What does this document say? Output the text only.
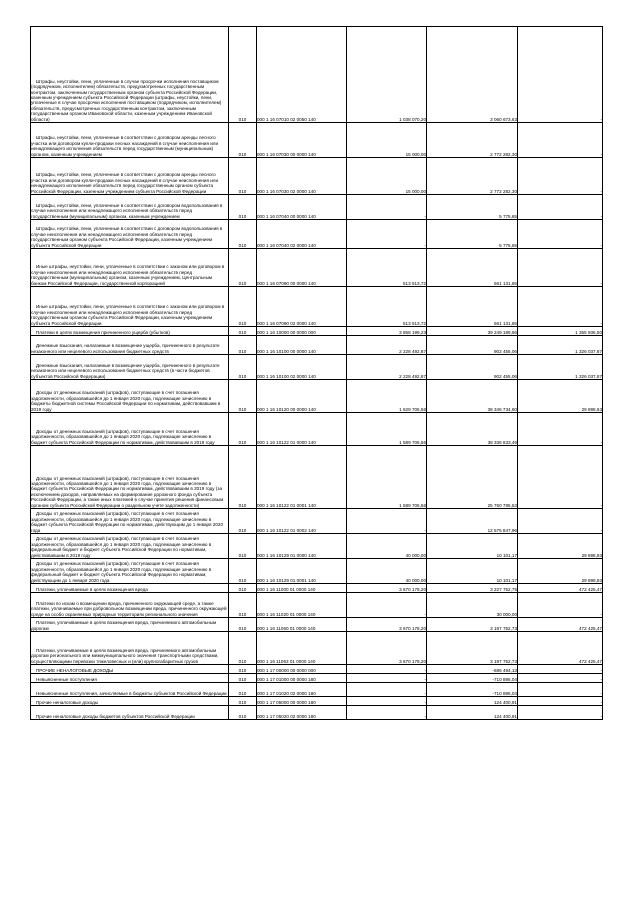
Штрафы, неустойки, пени, уплаченные в случае просрочки исполнения поставщиком (подрядчиком, исполнителем) обязательств, предусмотренных государственным контрактом, заключенным государственным органом субъекта Российской Федерации, казенным учреждением субъекта Российской Федерации (штрафы, неустойки, пени, уплаченные в случае просрочки исполнения поставщиком (подрядчиком, исполнителем) обязательств, предусмотренных государственным контрактом, заключенным государственным органом Ивановской области, казенным учреждением Ивановской области)	010	000 1 16 07010 02 0050 140	1 038 070,20	3 060 673,63	-

Штрафы, неустойки, пени, уплаченные в соответствии с договором аренды лесного участка или договором купли-продажи лесных насаждений в случае неисполнения или ненадлежащего исполнения обязательств перед государственным (муниципальным) органом, казенным учреждением	010	000 1 16 07030 00 0000 140	15 000,00	2 772 282,30	-

Штрафы, неустойки, пени, уплаченные в соответствии с договором аренды лесного участка или договором купли-продажи лесных насаждений в случае неисполнения или ненадлежащего исполнения обязательств перед государственным органом субъекта Российской Федерации, казенным учреждением субъекта Российской Федерации	010	000 1 16 07030 02 0000 140	15 000,00	2 772 282,30	-

Штрафы, неустойки, пени, уплаченные в соответствии с договором водопользования в случае неисполнения или ненадлежащего исполнения обязательств перед государственным (муниципальным) органом, казенным учреждением	010	000 1 16 07040 00 0000 140	-	5 775,65	-

Штрафы, неустойки, пени, уплаченные в соответствии с договором водопользования в случае неисполнения или ненадлежащего исполнения обязательств перед государственным органом субъекта Российской Федерации, казенным учреждением субъекта Российской Федерации	010	000 1 16 07040 02 0000 140	-	5 775,65	-

Иные штрафы, неустойки, пени, уплаченные в соответствии с законом или договором в случае неисполнения или ненадлежащего исполнения обязательств перед государственным (муниципальным) органом, казенным учреждением, Центральным банком Российской Федерации, государственной корпорацией	010	000 1 16 07090 00 0000 140	513 513,72	561 131,65	-

Иные штрафы, неустойки, пени, уплаченные в соответствии с законом или договором в случае неисполнения или ненадлежащего исполнения обязательств перед государственным органом субъекта Российской Федерации, казенным учреждением субъекта Российской Федерации	010	000 1 16 07090 02 0000 140	513 513,72	561 131,65	-

Платежи в целях возмещения причиненного ущерба (убытков)	010	000 1 16 10000 00 0000 000	3 858 199,23	39 249 189,66	1 355 936,50

Денежные взыскания, налагаемые в возмещение ущерба, причиненного в результате незаконного или нецелевого использования бюджетных средств	010	000 1 16 10100 00 0000 140	2 228 492,87	902 455,06	1 326 037,87

Денежные взыскания, налагаемые в возмещение ущерба, причиненного в результате незаконного или нецелевого использования бюджетных средств (в части бюджетов субъектов Российской Федерации)	010	000 1 16 10100 02 0000 140	2 228 492,87	902 455,06	1 326 037,87

Доходы от денежных взысканий (штрафов), поступающие в счет погашения задолженности, образовавшейся до 1 января 2020 года, подлежащие зачислению в бюджеты бюджетной системы Российской Федерации по нормативам, действовавшим в 2019 году	010	000 1 16 10120 00 0000 140	1 629 706,56	38 346 734,60	29 898,63

Доходы от денежных взысканий (штрафов), поступающие в счет погашения задолженности, образовавшейся до 1 января 2020 года, подлежащие зачислению в бюджет субъекта Российской Федерации по нормативам, действовавшим в 2019 году	010	000 1 16 10122 01 0000 140	1 589 706,56	38 336 633,49	-

Доходы от денежных взысканий (штрафов), поступающие в счет погашения задолженности, образовавшейся до 1 января 2020 года, подлежащие зачислению в бюджет субъекта Российской Федерации по нормативам, действовавшим в 2019 году (за исключением доходов, направляемых на формирование дорожного фонда субъекта Российской Федерации, а также иных платежей в случае принятия решения финансовым органом субъекта Российской Федерации о раздельном учете задолженности)	010	000 1 16 10122 01 0001 140	1 589 706,56	25 760 785,53	-

Доходы от денежных взысканий (штрафов), поступающие в счет погашения задолженности, образовавшейся до 1 января 2020 года, подлежащие зачислению в бюджет субъекта Российской Федерации по нормативам, действующим до 1 января 2020 года	010	000 1 16 10122 01 0002 140	-	12 575 847,96	-

Доходы от денежных взысканий (штрафов), поступающие в счет погашения задолженности, образовавшейся до 1 января 2020 года, подлежащие зачислению в федеральный бюджет и бюджет субъекта Российской Федерации по нормативам, действовавшим в 2019 году	010	000 1 16 10129 01 0000 140	40 000,00	10 101,17	29 898,83

Доходы от денежных взысканий (штрафов), поступающие в счет погашения задолженности, образовавшейся до 1 января 2020 года, подлежащие зачислению в федеральный бюджет и бюджет субъекта Российской Федерации по нормативам, действующим до 1 января 2020 года	010	000 1 16 10129 01 0001 140	40 000,00	10 101,17	29 898,83

Платежи, уплачиваемые в целях возмещения вреда	010	000 1 16 11000 01 0000 140	3 670 178,20	3 227 752,75	472 425,47

Платежи по искам о возмещении вреда, причиненного окружающей среде, а также платежи, уплачиваемые при добровольном возмещении вреда, причиненного окружающей среде на особо охраняемых природных территориях регионального значения	010	000 1 16 11020 01 0000 140	-	30 000,00	-

Платежи, уплачиваемые в целях возмещения вреда, причиняемого автомобильным дорогам	010	000 1 16 11060 01 0000 140	3 670 178,20	3 197 752,73	472 425,47

Платежи, уплачиваемые в целях возмещения вреда, причиняемого автомобильным дорогам регионального или межмуниципального значения транспортными средствами, осуществляющими перевозки тяжеловесных и (или) крупногабаритных грузов	010	000 1 16 11063 01 0000 140	3 670 178,20	3 197 752,73	472 425,47

ПРОЧИЕ НЕНАЛОГОВЫЕ ДОХОДЫ	010	000 1 17 00000 00 0000 000	-	-586 494,13	-

Невыясненные поступления	010	000 1 17 01000 00 0000 180	-	-710 895,04	-

Невыясненные поступления, зачисляемые в бюджеты субъектов Российской Федерации	010	000 1 17 01020 02 0000 180	-	-710 895,04	-

Прочие неналоговые доходы	010	000 1 17 05000 00 0000 180	-	124 400,91	-

Прочие неналоговые доходы бюджетов субъектов Российской Федерации	010	000 1 17 05020 02 0000 180	-	124 400,91	-
